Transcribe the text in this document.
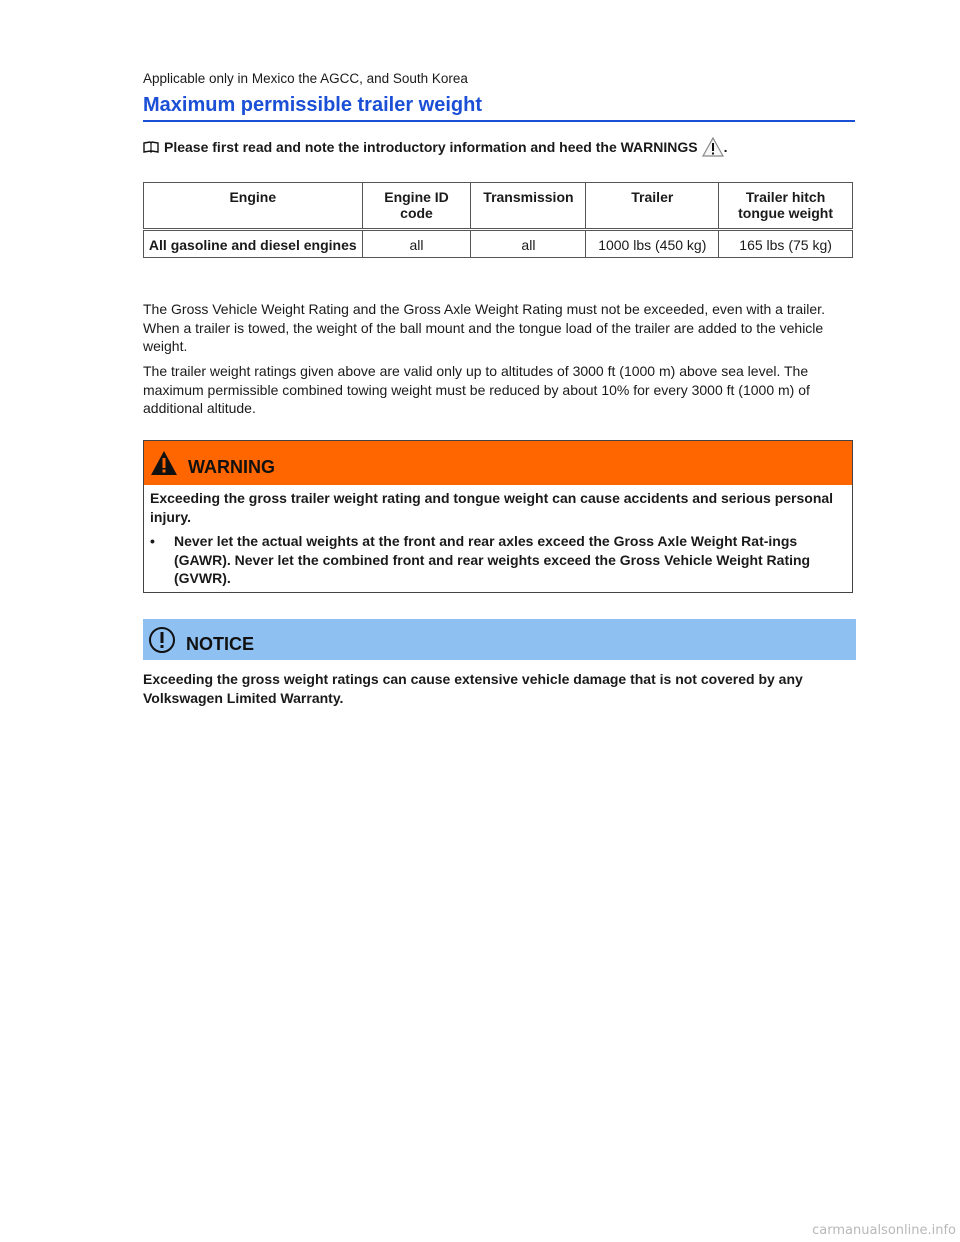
Applicable only in Mexico the AGCC, and South Korea
Maximum permissible trailer weight
Please first read and note the introductory information and heed the WARNINGS .
Engine	Engine ID code	Transmission	Trailer	Trailer hitch tongue weight
All gasoline and diesel engines	all	all	1000 lbs (450 kg)	165 lbs (75 kg)

The Gross Vehicle Weight Rating and the Gross Axle Weight Rating must not be exceeded, even with a trailer. When a trailer is towed, the weight of the ball mount and the tongue load of the trailer are added to the vehicle weight.

The trailer weight ratings given above are valid only up to altitudes of 3000 ft (1000 m) above sea level. The maximum permissible combined towing weight must be reduced by about 10% for every 3000 ft (1000 m) of additional altitude.

WARNING

Exceeding the gross trailer weight rating and tongue weight can cause accidents and serious personal injury.

•	Never let the actual weights at the front and rear axles exceed the Gross Axle Weight Rat-ings (GAWR). Never let the combined front and rear weights exceed the Gross Vehicle Weight Rating (GVWR).
NOTICE
Exceeding the gross weight ratings can cause extensive vehicle damage that is not covered by any Volkswagen Limited Warranty.
carmanualsonline.info
